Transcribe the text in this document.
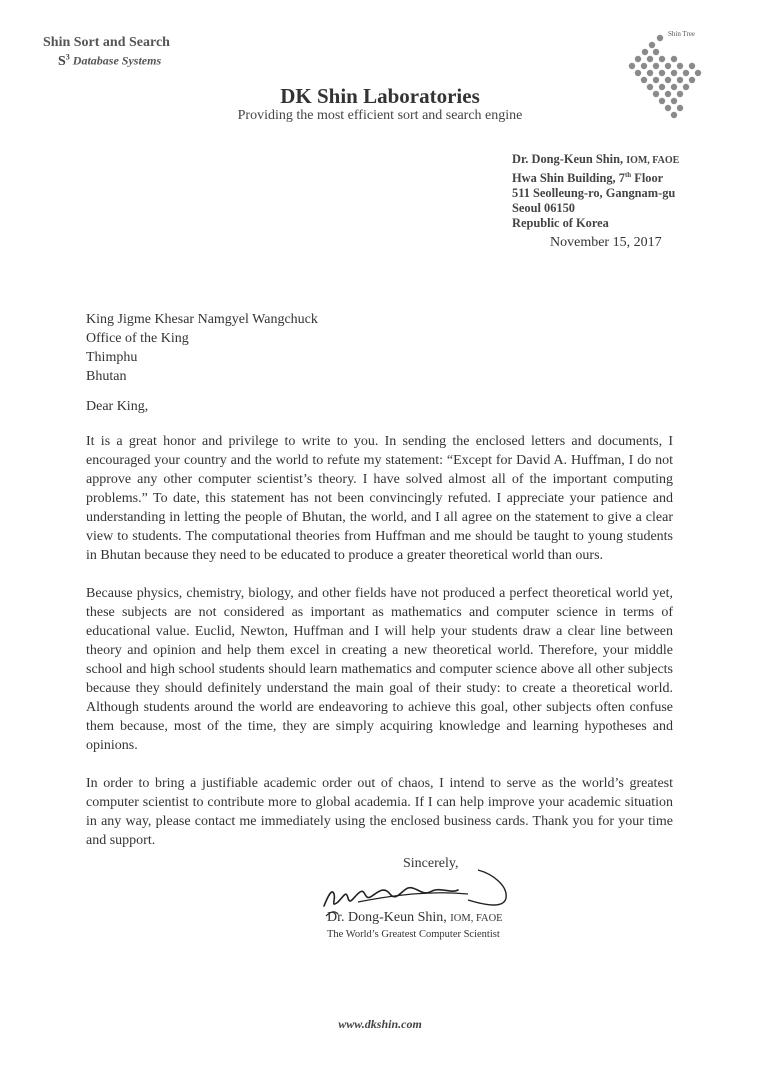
Shin Sort and Search
$S^3$ Database Systems
DK Shin Laboratories
Providing the most efficient sort and search engine
Shin Tree
Dr. Dong-Keun Shin, IOM, FAOE
Hwa Shin Building, 7th Floor
511 Seolleung-ro, Gangnam-gu
Seoul 06150
Republic of Korea
November 15, 2017
King Jigme Khesar Namgyel Wangchuck
Office of the King
Thimphu
Bhutan
Dear King,
It is a great honor and privilege to write to you. In sending the enclosed letters and documents, I encouraged your country and the world to refute my statement: “Except for David A. Huffman, I do not approve any other computer scientist’s theory. I have solved almost all of the important computing problems.” To date, this statement has not been convincingly refuted. I appreciate your patience and understanding in letting the people of Bhutan, the world, and I all agree on the statement to give a clear view to students. The computational theories from Huffman and me should be taught to young students in Bhutan because they need to be educated to produce a greater theoretical world than ours.
Because physics, chemistry, biology, and other fields have not produced a perfect theoretical world yet, these subjects are not considered as important as mathematics and computer science in terms of educational value. Euclid, Newton, Huffman and I will help your students draw a clear line between theory and opinion and help them excel in creating a new theoretical world. Therefore, your middle school and high school students should learn mathematics and computer science above all other subjects because they should definitely understand the main goal of their study: to create a theoretical world. Although students around the world are endeavoring to achieve this goal, other subjects often confuse them because, most of the time, they are simply acquiring knowledge and learning hypotheses and opinions.
In order to bring a justifiable academic order out of chaos, I intend to serve as the world’s greatest computer scientist to contribute more to global academia. If I can help improve your academic situation in any way, please contact me immediately using the enclosed business cards. Thank you for your time and support.
Sincerely,
Dr. Dong-Keun Shin, IOM, FAOE
The World’s Greatest Computer Scientist
www.dkshin.com
